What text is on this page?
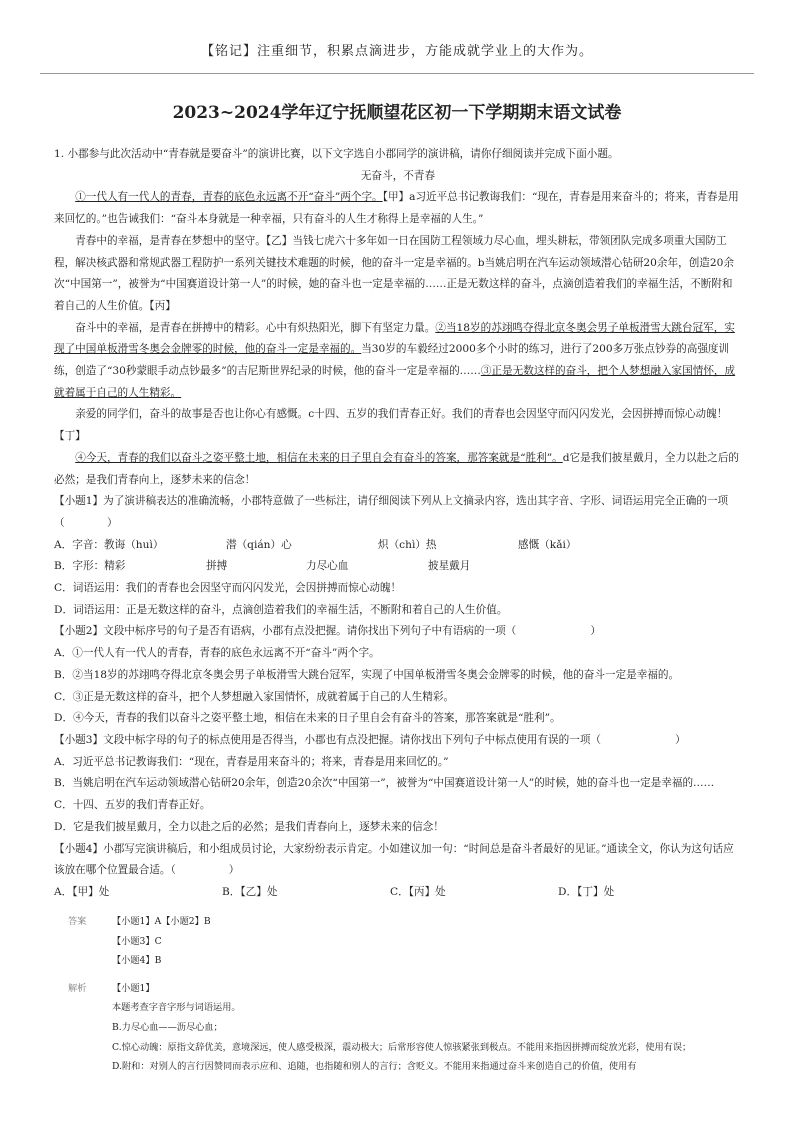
【铭记】注重细节，积累点滴进步，方能成就学业上的大作为。
2023~2024学年辽宁抚顺望花区初一下学期期末语文试卷

1. 小郡参与此次活动中“青春就是要奋斗”的演讲比赛，以下文字选自小郡同学的演讲稿，请你仔细阅读并完成下面小题。

无奋斗，不青春

①一代人有一代人的青春，青春的底色永远离不开“奋斗”两个字。【甲】a习近平总书记教诲我们：“现在，青春是用来奋斗的；将来，青春是用来回忆的。”也告诫我们：“奋斗本身就是一种幸福，只有奋斗的人生才称得上是幸福的人生。”

青春中的幸福，是青春在梦想中的坚守。【乙】当钱七虎六十多年如一日在国防工程领域力尽心血，埋头耕耘，带领团队完成多项重大国防工程，解决核武器和常规武器工程防护一系列关键技术难题的时候，他的奋斗一定是幸福的。b当姚启明在汽车运动领域潜心钻研20余年，创造20余次“中国第一”，被誉为“中国赛道设计第一人”的时候，她的奋斗也一定是幸福的……正是无数这样的奋斗，点滴创造着我们的幸福生活，不断附和着自己的人生价值。【丙】

奋斗中的幸福，是青春在拼搏中的精彩。心中有炽热阳光，脚下有坚定力量。②当18岁的苏翊鸣夺得北京冬奥会男子单板滑雪大跳台冠军，实现了中国单板滑雪冬奥会金牌零的时候，他的奋斗一定是幸福的。当30岁的车毅经过2000多个小时的练习，进行了200多万张点钞券的高强度训练，创造了“30秒蒙眼手动点钞最多”的吉尼斯世界纪录的时候，他的奋斗一定是幸福的……③正是无数这样的奋斗，把个人梦想融入家国情怀，成就着属于自己的人生精彩。

亲爱的同学们，奋斗的故事是否也让你心有感慨。c十四、五岁的我们青春正好。我们的青春也会因坚守而闪闪发光，会因拼搏而惊心动魄！【丁】

④今天，青春的我们以奋斗之姿平整土地，相信在未来的日子里自会有奋斗的答案，那答案就是“胜利”。d它是我们披星戴月，全力以赴之后的必然；是我们青春向上，逐梦未来的信念！

【小题1】为了演讲稿表达的准确流畅，小郡特意做了一些标注，请仔细阅读下列从上文摘录内容，选出其字音、字形、词语运用完全正确的一项（　　　　）

A．字音：教诲（huì）	潜（qián）心	炽（chì）热	感慨（kǎi）
B．字形：精彩	拼搏	力尽心血	披星戴月

C．词语运用：我们的青春也会因坚守而闪闪发光，会因拼搏而惊心动魄！

D．词语运用：正是无数这样的奋斗，点滴创造着我们的幸福生活，不断附和着自己的人生价值。

【小题2】文段中标序号的句子是否有语病，小郡有点没把握。请你找出下列句子中有语病的一项（　　　　　　　）

A．①一代人有一代人的青春，青春的底色永远离不开“奋斗”两个字。

B．②当18岁的苏翊鸣夺得北京冬奥会男子单板滑雪大跳台冠军，实现了中国单板滑雪冬奥会金牌零的时候，他的奋斗一定是幸福的。

C．③正是无数这样的奋斗，把个人梦想融入家国情怀，成就着属于自己的人生精彩。

D．④今天，青春的我们以奋斗之姿平整土地，相信在未来的日子里自会有奋斗的答案，那答案就是“胜利”。

【小题3】文段中标字母的句子的标点使用是否得当，小郡也有点没把握。请你找出下列句子中标点使用有误的一项（　　　　　　　）

A．习近平总书记教诲我们：“现在，青春是用来奋斗的；将来，青春是用来回忆的。”

B．当姚启明在汽车运动领域潜心钻研20余年，创造20余次“中国第一”，被誉为“中国赛道设计第一人”的时候，她的奋斗也一定是幸福的……

C．十四、五岁的我们青春正好。

D．它是我们披星戴月，全力以赴之后的必然；是我们青春向上，逐梦未来的信念！

【小题4】小郡写完演讲稿后，和小组成员讨论，大家纷纷表示肯定。小如建议加一句：“时间总是奋斗者最好的见证。”通读全文，你认为这句话应该放在哪个位置最合适。（　　　　　）

A．【甲】处	B．【乙】处	C．【丙】处	D．【丁】处
答案	【小题1】A【小题2】B
【小题3】C
【小题4】B
解析	【小题1】
本题考查字音字形与词语运用。
B.力尽心血——沥尽心血；
C.惊心动魄：原指文辞优美，意境深远，使人感受极深，震动极大；后常形容使人惊骇紧张到极点。不能用来指因拼搏而绽放光彩，使用有误；
D.附和：对别人的言行因赞同而表示应和、追随，也指随和别人的言行；含贬义。不能用来指通过奋斗来创造自己的价值，使用有
